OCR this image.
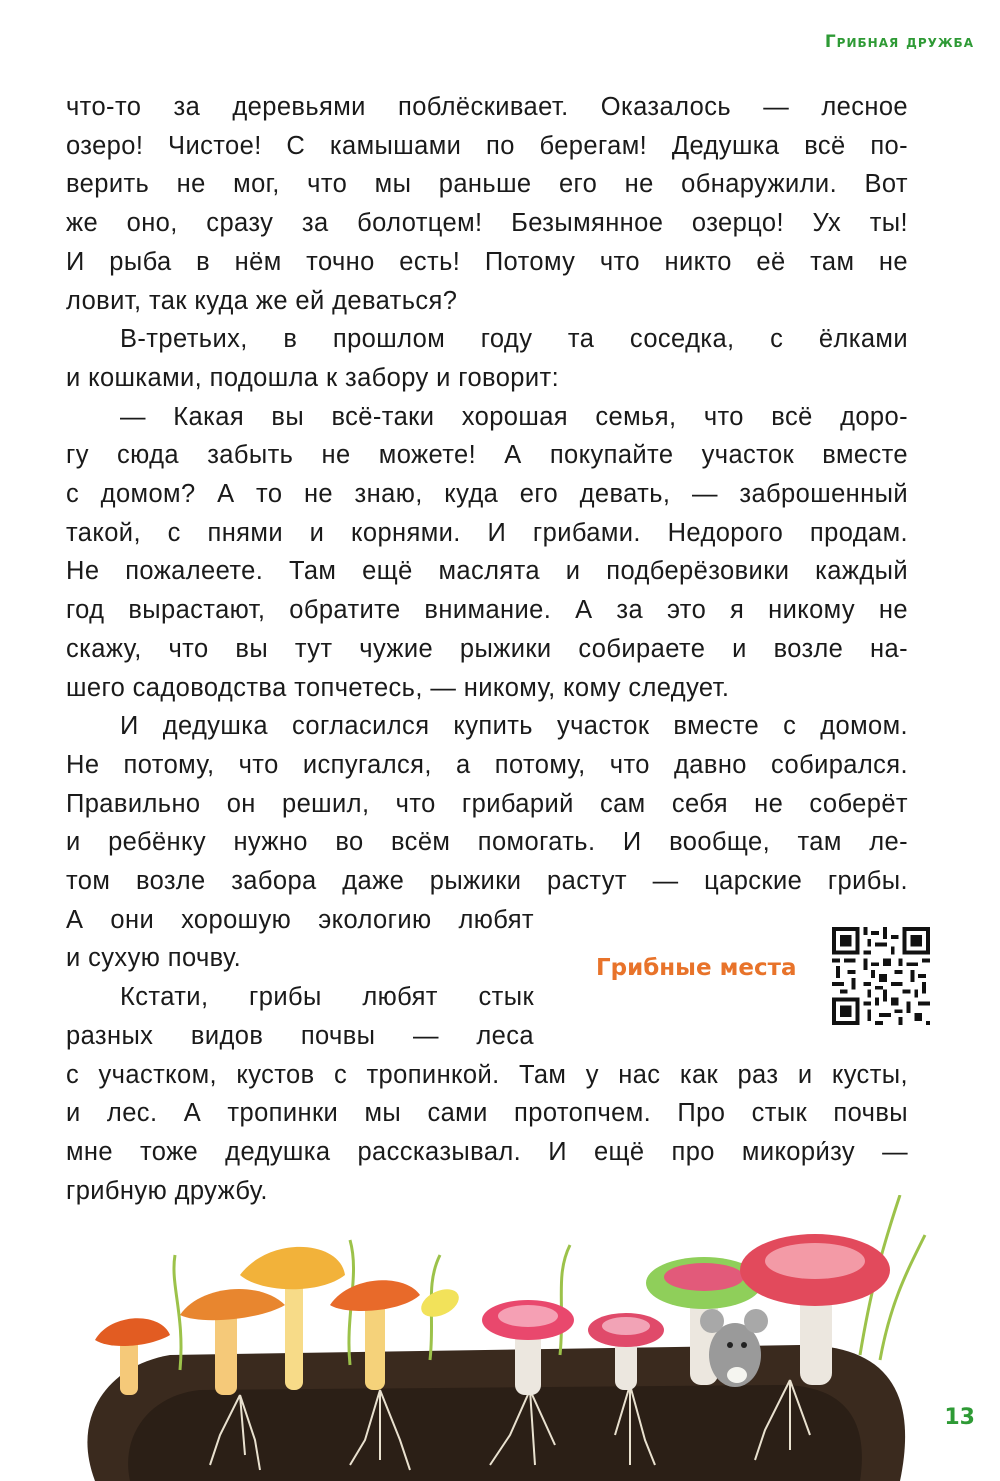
Грибная дружба

что-то за деревьями поблёскивает. Оказалось — лесное
озеро! Чистое! С камышами по берегам! Дедушка всё по-
верить не мог, что мы раньше его не обнаружили. Вот
же оно, сразу за болотцем! Безымянное озерцо! Ух ты!
И рыба в нём точно есть! Потому что никто её там не
ловит, так куда же ей деваться?

В-третьих, в прошлом году та соседка, с ёлками
и кошками, подошла к забору и говорит:

— Какая вы всё-таки хорошая семья, что всё доро-
гу сюда забыть не можете! А покупайте участок вместе
с домом? А то не знаю, куда его девать, — заброшенный
такой, с пнями и корнями. И грибами. Недорого продам.
Не пожалеете. Там ещё маслята и подберёзовики каждый
год вырастают, обратите внимание. А за это я никому не
скажу, что вы тут чужие рыжики собираете и возле на-
шего садоводства топчетесь, — никому, кому следует.

И дедушка согласился купить участок вместе с домом.
Не потому, что испугался, а потому, что давно собирался.
Правильно он решил, что грибарий сам себя не соберёт
и ребёнку нужно во всём помогать. И вообще, там ле-
том возле забора даже рыжики растут — царские грибы.
А они хорошую экологию любят
и сухую почву.

Кстати, грибы любят стык
разных видов почвы — леса
с участком, кустов с тропинкой. Там у нас как раз и кусты,
и лес. А тропинки мы сами протопчем. Про стык почвы
мне тоже дедушка рассказывал. И ещё про микори́зу —
грибную дружбу.

Грибные места
13
